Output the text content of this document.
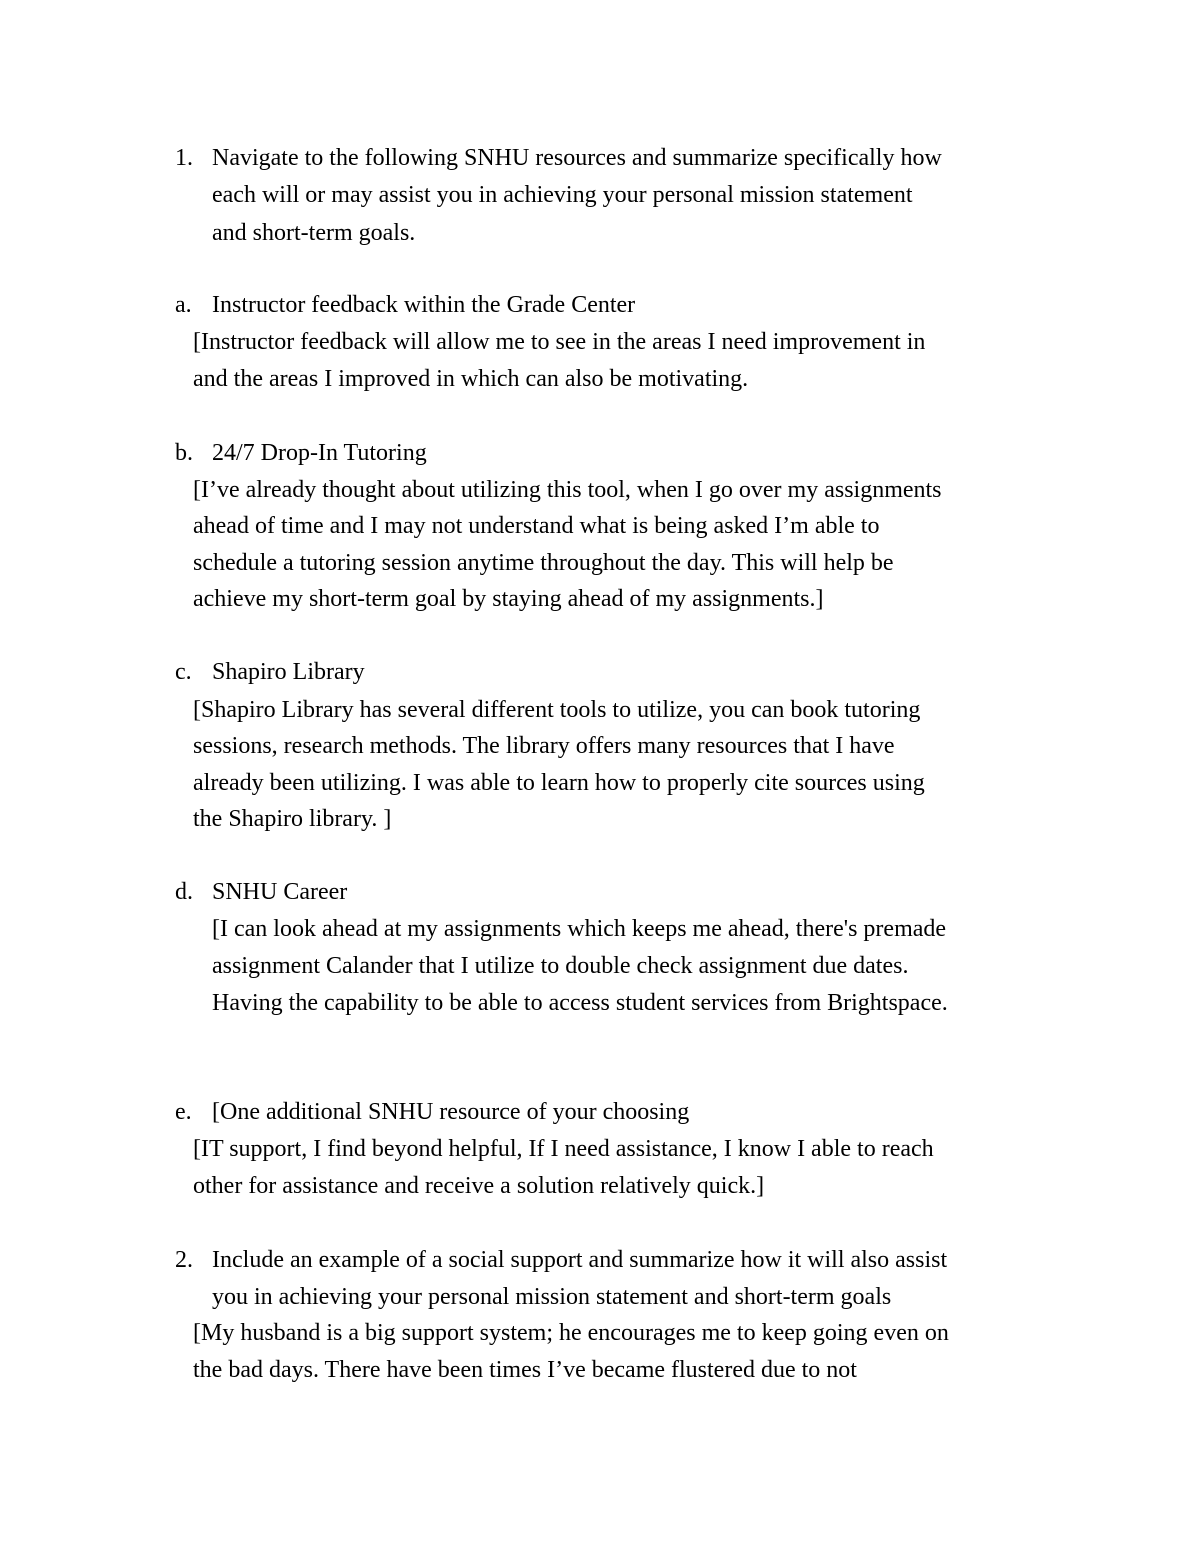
1. Navigate to the following SNHU resources and summarize specifically how
each will or may assist you in achieving your personal mission statement
and short-term goals.
a. Instructor feedback within the Grade Center
[Instructor feedback will allow me to see in the areas I need improvement in
and the areas I improved in which can also be motivating.
b. 24/7 Drop-In Tutoring
[I’ve already thought about utilizing this tool, when I go over my assignments
ahead of time and I may not understand what is being asked I’m able to
schedule a tutoring session anytime throughout the day. This will help be
achieve my short-term goal by staying ahead of my assignments.]
c. Shapiro Library
[Shapiro Library has several different tools to utilize, you can book tutoring
sessions, research methods. The library offers many resources that I have
already been utilizing. I was able to learn how to properly cite sources using
the Shapiro library. ]
d. SNHU Career
[I can look ahead at my assignments which keeps me ahead, there's premade
assignment Calander that I utilize to double check assignment due dates.
Having the capability to be able to access student services from Brightspace.
e. [One additional SNHU resource of your choosing
[IT support, I find beyond helpful, If I need assistance, I know I able to reach
other for assistance and receive a solution relatively quick.]
2. Include an example of a social support and summarize how it will also assist
you in achieving your personal mission statement and short-term goals
[My husband is a big support system; he encourages me to keep going even on
the bad days. There have been times I’ve became flustered due to not
